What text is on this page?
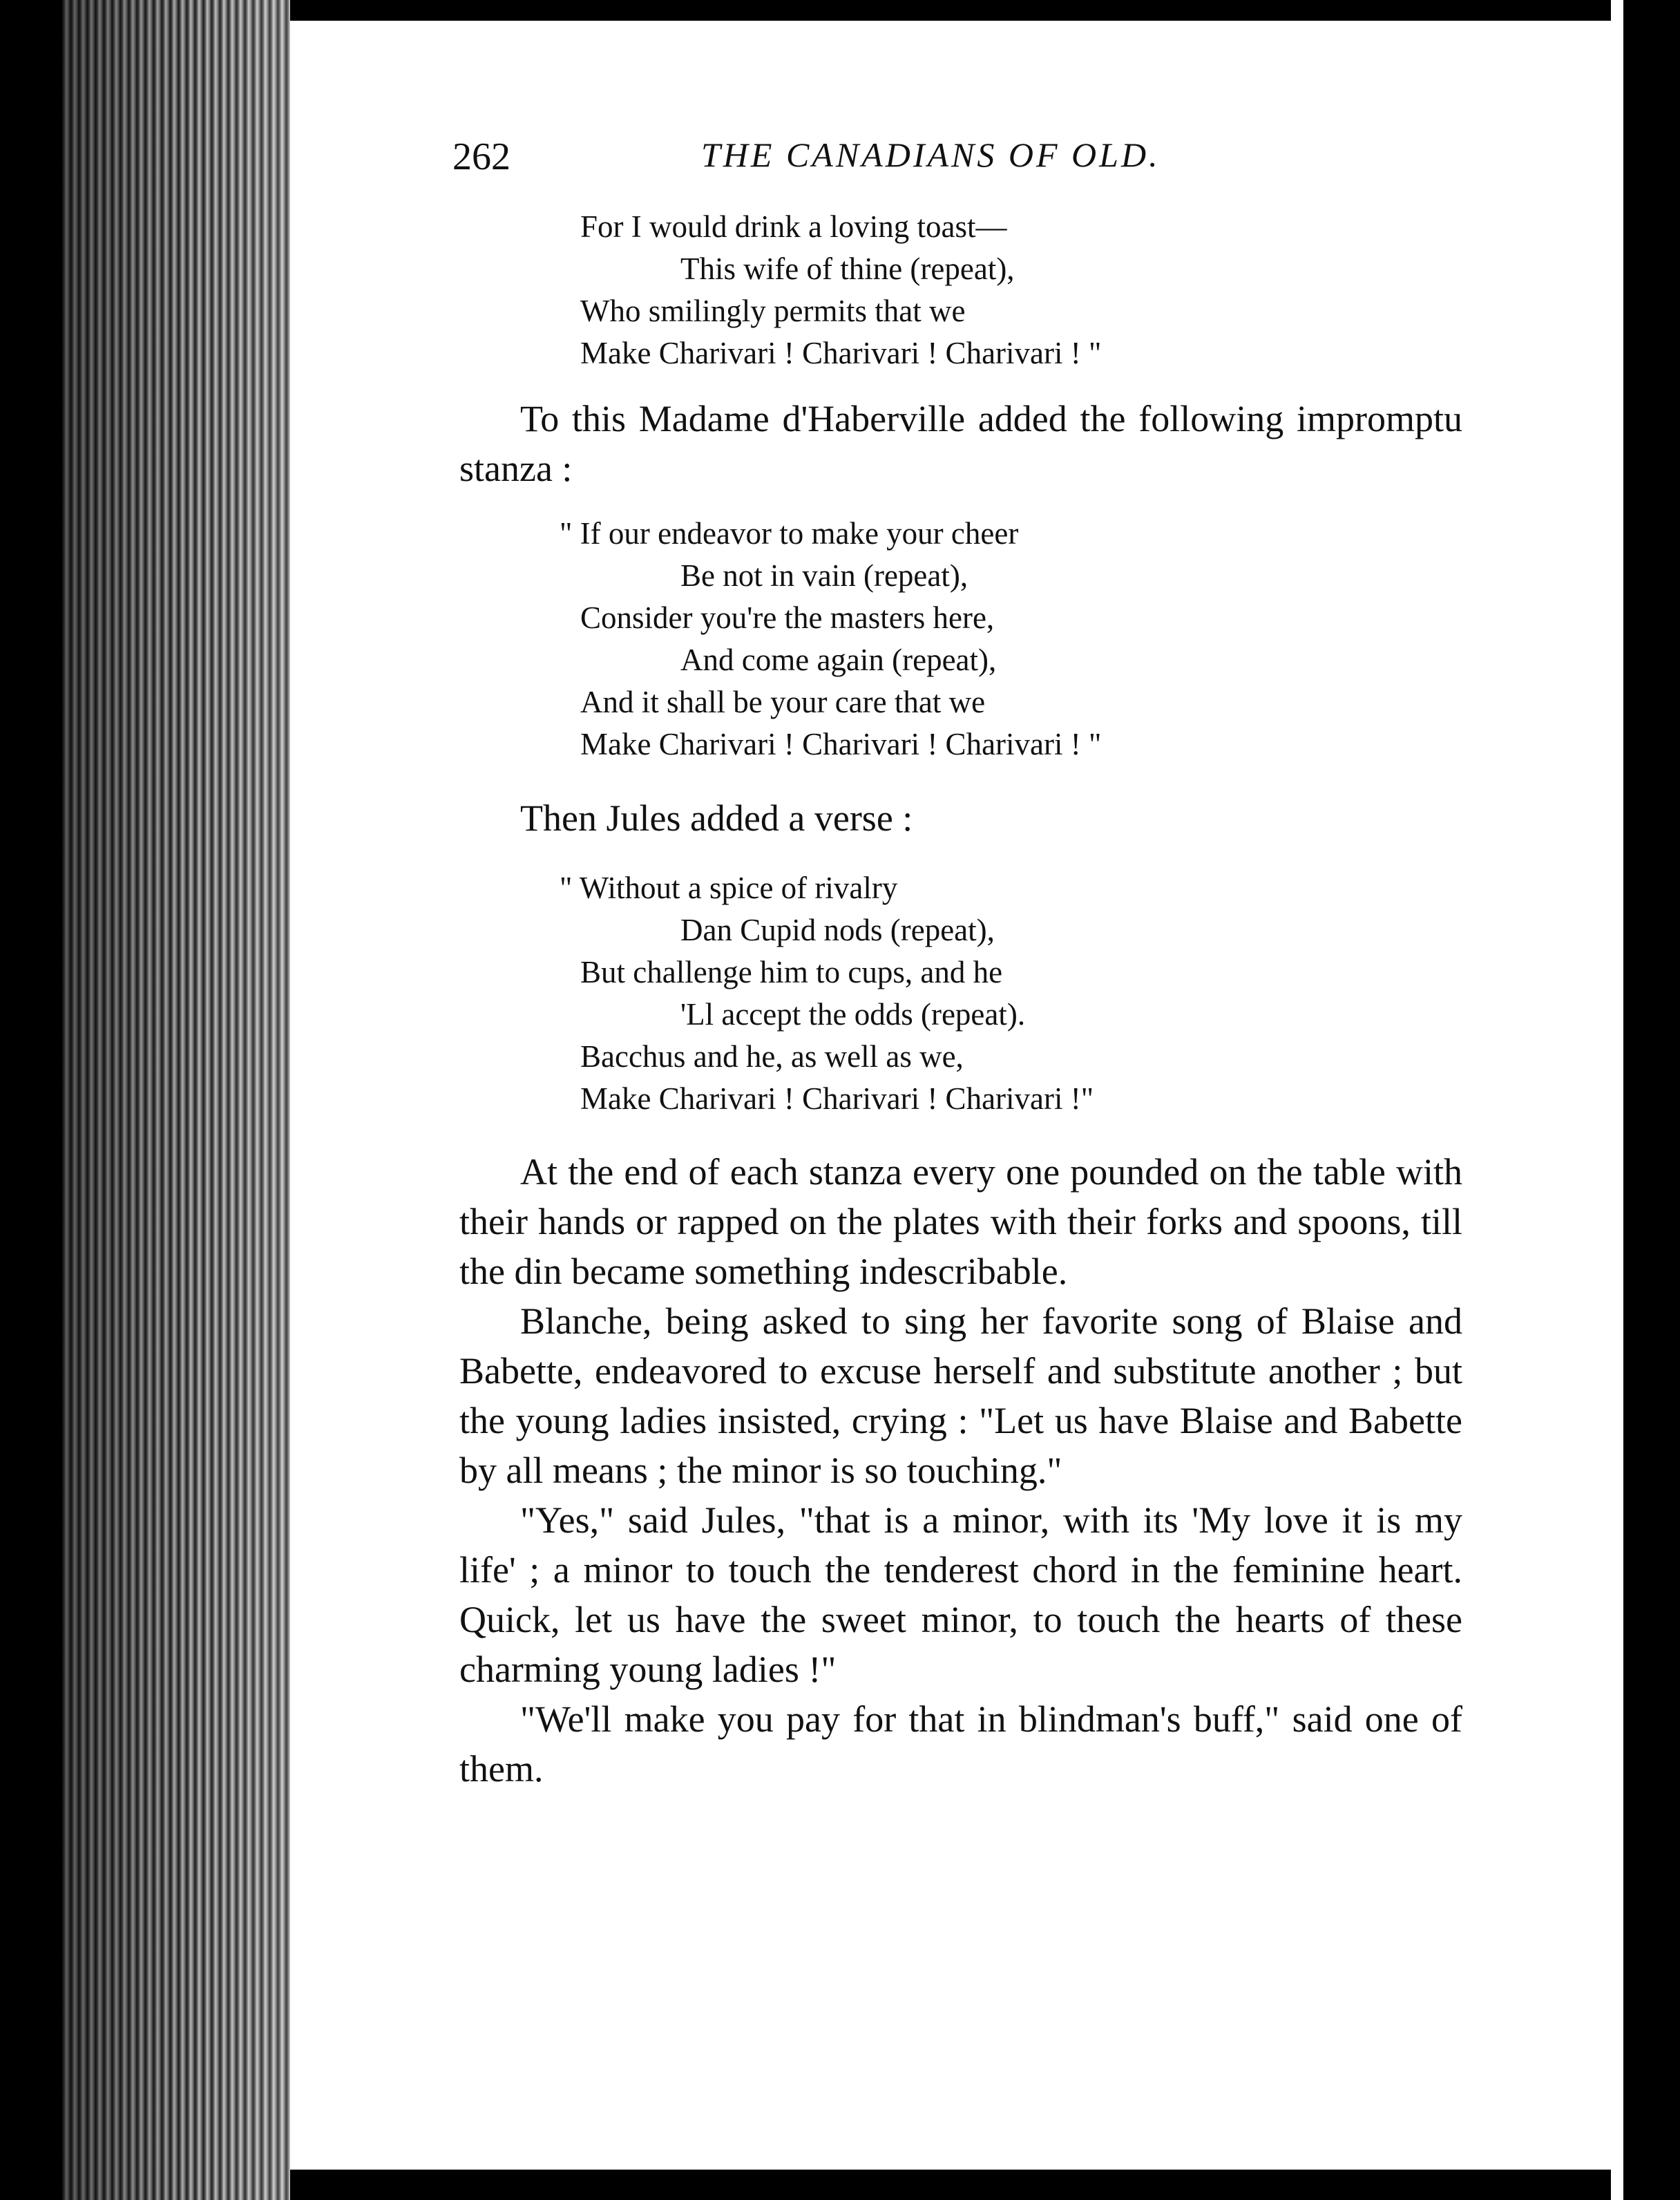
262	THE CANADIANS OF OLD.
For I would drink a loving toast—
This wife of thine (repeat),
Who smilingly permits that we
Make Charivari ! Charivari ! Charivari ! "

To this Madame d'Haberville added the following impromptu stanza :

" If our endeavor to make your cheer
Be not in vain (repeat),
Consider you're the masters here,
And come again (repeat),
And it shall be your care that we
Make Charivari ! Charivari ! Charivari ! "

Then Jules added a verse :

" Without a spice of rivalry
Dan Cupid nods (repeat),
But challenge him to cups, and he
'Ll accept the odds (repeat).
Bacchus and he, as well as we,
Make Charivari ! Charivari ! Charivari !"

At the end of each stanza every one pounded on the table with their hands or rapped on the plates with their forks and spoons, till the din became something indescribable.

Blanche, being asked to sing her favorite song of Blaise and Babette, endeavored to excuse herself and substitute another ; but the young ladies insisted, crying : "Let us have Blaise and Babette by all means ; the minor is so touching."

"Yes," said Jules, "that is a minor, with its 'My love it is my life' ; a minor to touch the tenderest chord in the feminine heart. Quick, let us have the sweet minor, to touch the hearts of these charming young ladies !"

"We'll make you pay for that in blindman's buff," said one of them.
